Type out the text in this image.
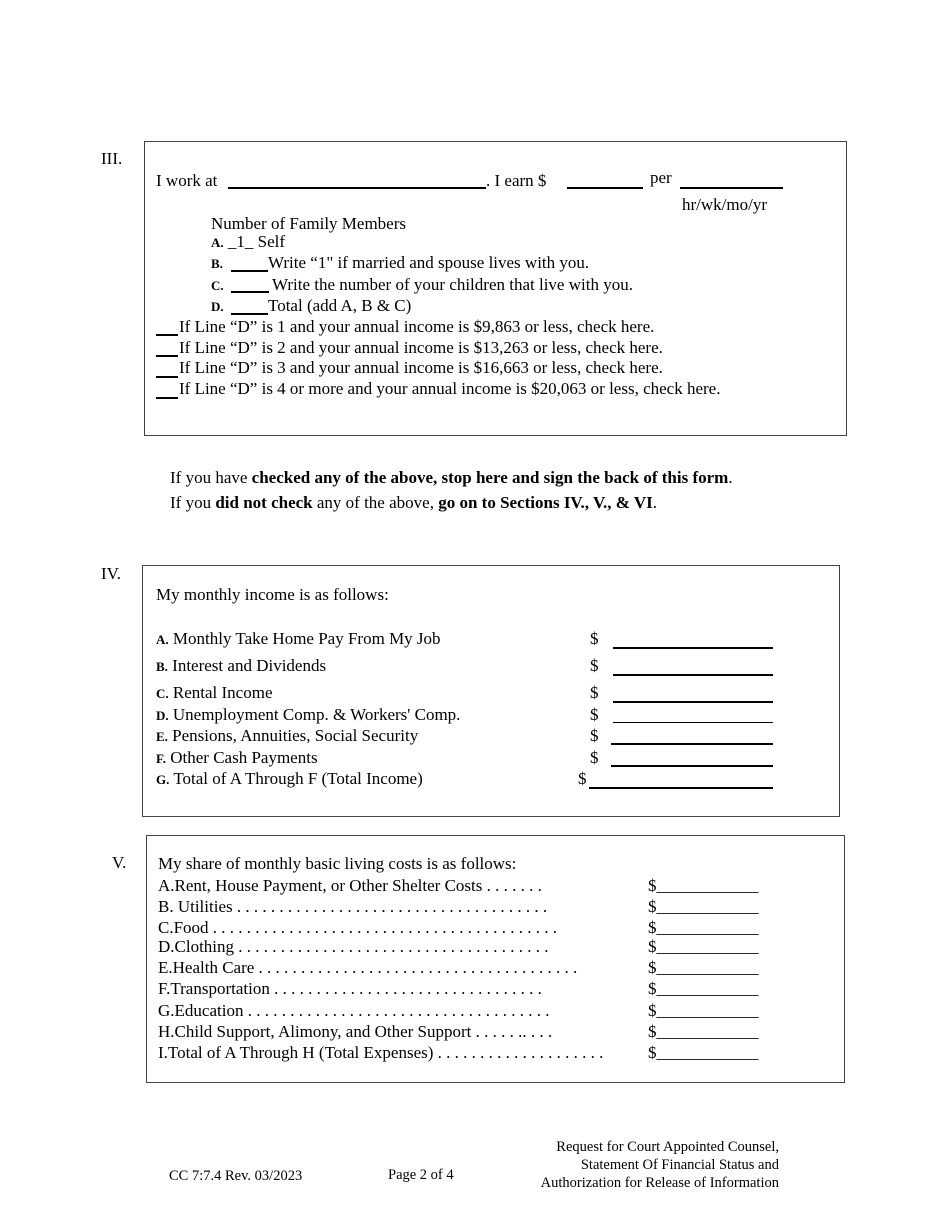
III.
I work at	. I earn $	per
hr/wk/mo/yr
Number of Family Members
A. _1_ Self
B.	Write “1" if married and spouse lives with you.
C.	Write the number of your children that live with you.
D.	Total (add A, B & C)
If Line “D” is 1 and your annual income is $9,863 or less, check here.
If Line “D” is 2 and your annual income is $13,263 or less, check here.
If Line “D” is 3 and your annual income is $16,663 or less, check here.
If Line “D” is 4 or more and your annual income is $20,063 or less, check here.
If you have checked any of the above, stop here and sign the back of this form.
If you did not check any of the above, go on to Sections IV., V., & VI.
IV.
My monthly income is as follows:
A. Monthly Take Home Pay From My Job	$
B. Interest and Dividends	$
C. Rental Income	$
D. Unemployment Comp. & Workers' Comp.	$
E. Pensions, Annuities, Social Security	$
F. Other Cash Payments	$
G. Total of A Through F (Total Income)	$
V. My share of monthly basic living costs is as follows:
A.Rent, House Payment, or Other Shelter Costs . . . . . . .	$____________
B. Utilities . . . . . . . . . . . . . . . . . . . . . . . . . . . . . . . . . . . . .	$____________
C.Food . . . . . . . . . . . . . . . . . . . . . . . . . . . . . . . . . . . . . . . . .	$____________
D.Clothing . . . . . . . . . . . . . . . . . . . . . . . . . . . . . . . . . . . . .	$____________
E.Health Care . . . . . . . . . . . . . . . . . . . . . . . . . . . . . . . . . . . . . .	$____________
F.Transportation . . . . . . . . . . . . . . . . . . . . . . . . . . . . . . . .	$____________
G.Education . . . . . . . . . . . . . . . . . . . . . . . . . . . . . . . . . . . .	$____________
H.Child Support, Alimony, and Other Support . . . . . .. . . .	$____________
I.Total of A Through H (Total Expenses) . . . . . . . . . . . . . . . . . . . .	$____________
CC 7:7.4 Rev. 03/2023	Page 2 of 4
Request for Court Appointed Counsel,
Statement Of Financial Status and
Authorization for Release of Information
